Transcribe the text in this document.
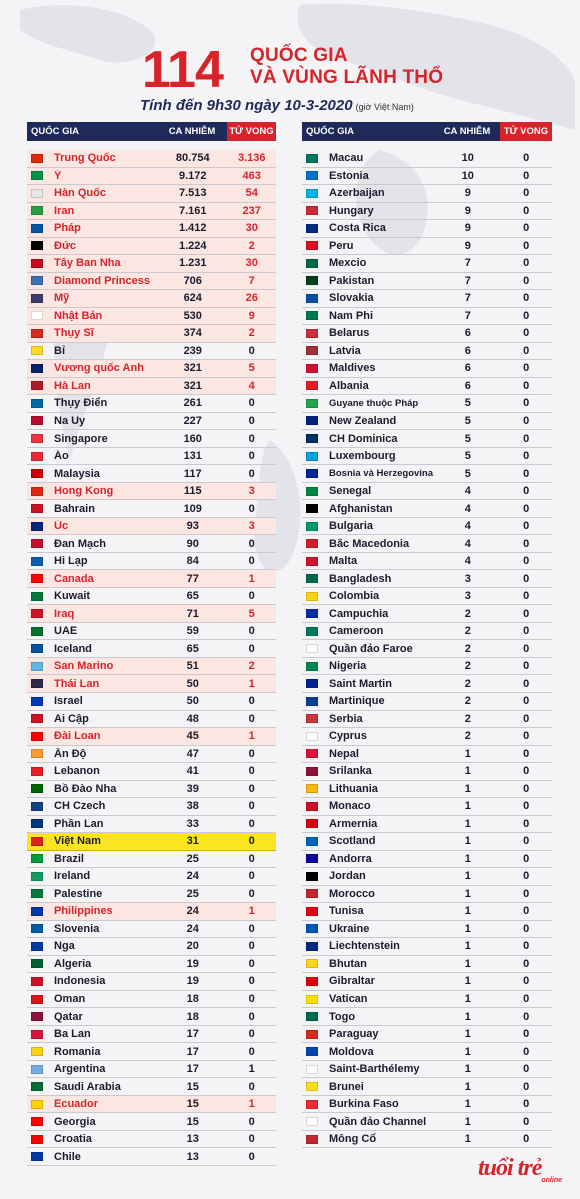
114 QUỐC GIA
VÀ VÙNG LÃNH THỔ
Tính đến 9h30 ngày 10-3-2020 (giờ Việt Nam)
QUỐC GIA	CA NHIỄM	TỬ VONG
Trung Quốc	80.754	3.136
Ý	9.172	463
Hàn Quốc	7.513	54
Iran	7.161	237
Pháp	1.412	30
Đức	1.224	2
Tây Ban Nha	1.231	30
Diamond Princess	706	7
Mỹ	624	26
Nhật Bản	530	9
Thụy Sĩ	374	2
Bỉ	239	0
Vương quốc Anh	321	5
Hà Lan	321	4
Thụy Điển	261	0
Na Uy	227	0
Singapore	160	0
Áo	131	0
Malaysia	117	0
Hong Kong	115	3
Bahrain	109	0
Úc	93	3
Đan Mạch	90	0
Hi Lạp	84	0
Canada	77	1
Kuwait	65	0
Iraq	71	5
UAE	59	0
Iceland	65	0
San Marino	51	2
Thái Lan	50	1
Israel	50	0
Ai Cập	48	0
Đài Loan	45	1
Ấn Độ	47	0
Lebanon	41	0
Bồ Đào Nha	39	0
CH Czech	38	0
Phần Lan	33	0
Việt Nam	31	0
Brazil	25	0
Ireland	24	0
Palestine	25	0
Philippines	24	1
Slovenia	24	0
Nga	20	0
Algeria	19	0
Indonesia	19	0
Oman	18	0
Qatar	18	0
Ba Lan	17	0
Romania	17	0
Argentina	17	1
Saudi Arabia	15	0
Ecuador	15	1
Georgia	15	0
Croatia	13	0
Chile	13	0
QUỐC GIA	CA NHIỄM	TỬ VONG
Macau	10	0
Estonia	10	0
Azerbaijan	9	0
Hungary	9	0
Costa Rica	9	0
Peru	9	0
Mexcio	7	0
Pakistan	7	0
Slovakia	7	0
Nam Phi	7	0
Belarus	6	0
Latvia	6	0
Maldives	6	0
Albania	6	0
Guyane thuộc Pháp	5	0
New Zealand	5	0
CH Dominica	5	0
Luxembourg	5	0
Bosnia và Herzegovina	5	0
Senegal	4	0
Afghanistan	4	0
Bulgaria	4	0
Bắc Macedonia	4	0
Malta	4	0
Bangladesh	3	0
Colombia	3	0
Campuchia	2	0
Cameroon	2	0
Quần đảo Faroe	2	0
Nigeria	2	0
Saint Martin	2	0
Martinique	2	0
Serbia	2	0
Cyprus	2	0
Nepal	1	0
Srilanka	1	0
Lithuania	1	0
Monaco	1	0
Armernia	1	0
Scotland	1	0
Andorra	1	0
Jordan	1	0
Morocco	1	0
Tunisa	1	0
Ukraine	1	0
Liechtenstein	1	0
Bhutan	1	0
Gibraltar	1	0
Vatican	1	0
Togo	1	0
Paraguay	1	0
Moldova	1	0
Saint-Barthélemy	1	0
Brunei	1	0
Burkina Faso	1	0
Quần đảo Channel	1	0
Mông Cổ	1	0
tuổi trẻ online
